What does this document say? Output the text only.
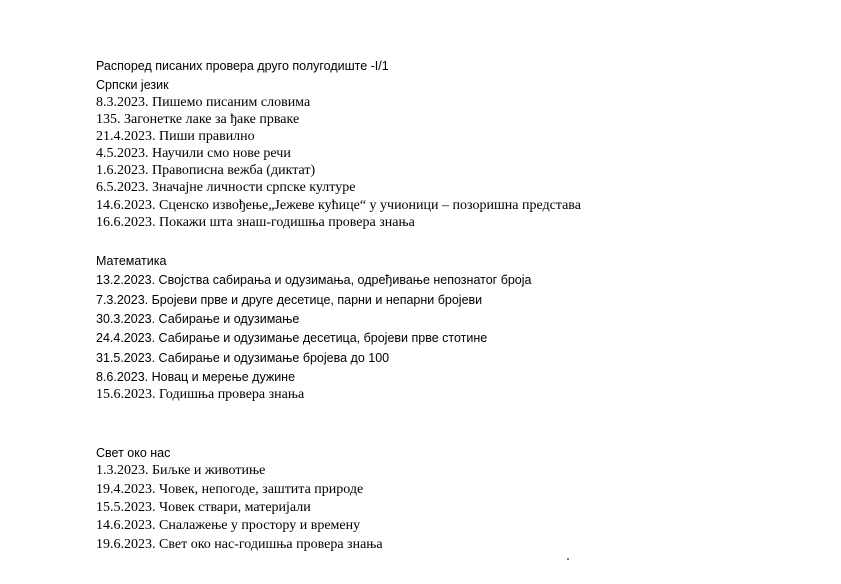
Распоред писаних провера друго полугодиште -I/1
Српски језик
8.3.2023. Пишемо писаним словима
135. Загонетке лаке за ђаке прваке
21.4.2023. Пиши правилно
4.5.2023. Научили смо нове речи
1.6.2023. Правописна вежба (диктат)
6.5.2023. Значајне личности српске културе
14.6.2023. Сценско извођење„Јежеве кућице“ у учионици – позоришна представа
16.6.2023. Покажи шта знаш-годишња провера знања
Математика
13.2.2023. Својства сабирања и одузимања, одређивање непознатог броја
7.3.2023. Бројеви прве и друге десетице, парни и непарни бројеви
30.3.2023. Сабирање и одузимање
24.4.2023. Сабирање и одузимање десетица, бројеви прве стотине
31.5.2023. Сабирање и одузимање бројева до 100
8.6.2023. Новац и мерење дужине
15.6.2023. Годишња провера знања
Свет око нас
1.3.2023. Биљке и животиње
19.4.2023. Човек, непогоде, заштита природе
15.5.2023. Човек ствари, материјали
14.6.2023. Сналажење у простору и времену
19.6.2023. Свет око нас-годишња провера знања
